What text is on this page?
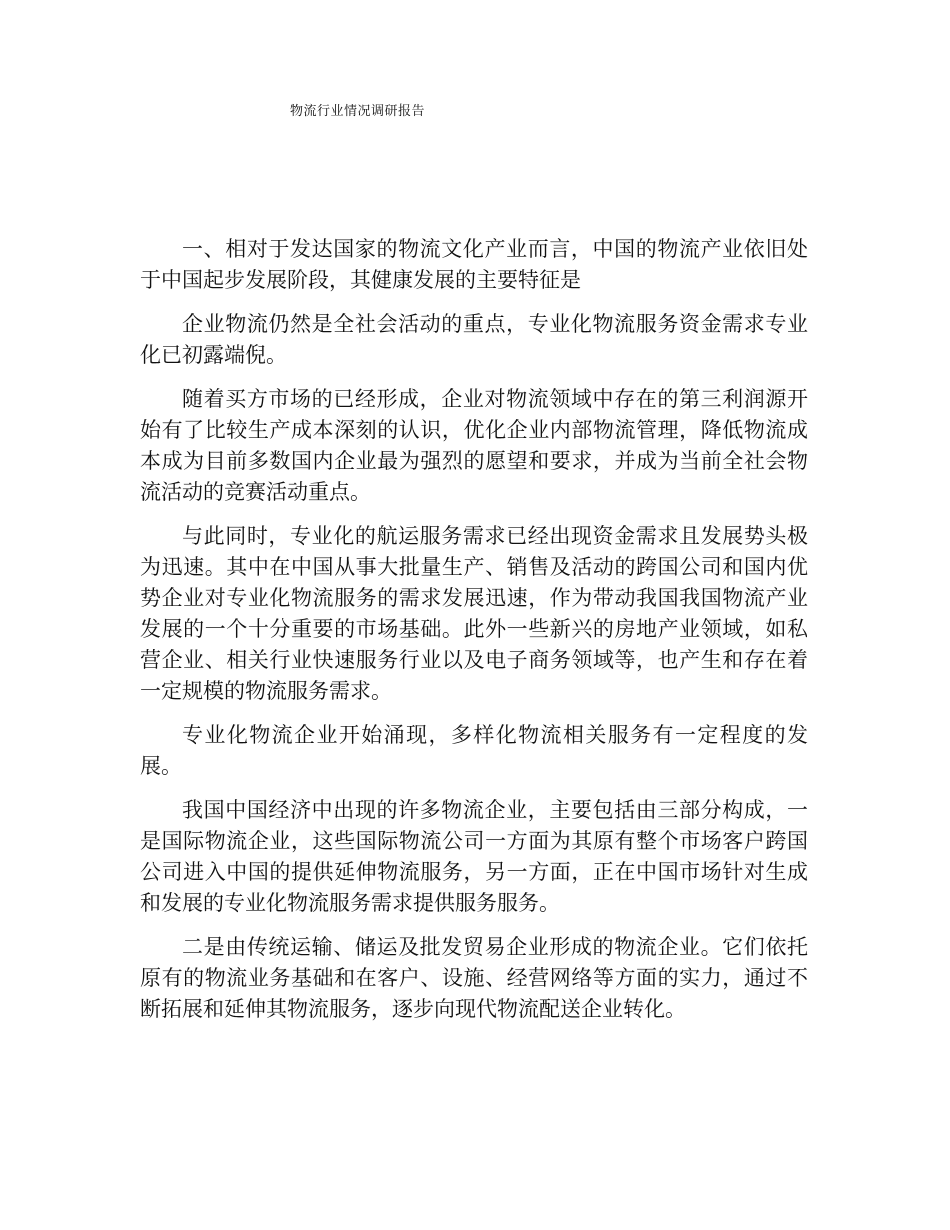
物流行业情况调研报告

一、相对于发达国家的物流文化产业而言，中国的物流产业依旧处于中国起步发展阶段，其健康发展的主要特征是

企业物流仍然是全社会活动的重点，专业化物流服务资金需求专业化已初露端倪。

随着买方市场的已经形成，企业对物流领域中存在的第三利润源开始有了比较生产成本深刻的认识，优化企业内部物流管理，降低物流成本成为目前多数国内企业最为强烈的愿望和要求，并成为当前全社会物流活动的竞赛活动重点。

与此同时，专业化的航运服务需求已经出现资金需求且发展势头极为迅速。其中在中国从事大批量生产、销售及活动的跨国公司和国内优势企业对专业化物流服务的需求发展迅速，作为带动我国我国物流产业发展的一个十分重要的市场基础。此外一些新兴的房地产业领域，如私营企业、相关行业快速服务行业以及电子商务领域等，也产生和存在着一定规模的物流服务需求。

专业化物流企业开始涌现，多样化物流相关服务有一定程度的发展。

我国中国经济中出现的许多物流企业，主要包括由三部分构成，一是国际物流企业，这些国际物流公司一方面为其原有整个市场客户跨国公司进入中国的提供延伸物流服务，另一方面，正在中国市场针对生成和发展的专业化物流服务需求提供服务服务。

二是由传统运输、储运及批发贸易企业形成的物流企业。它们依托原有的物流业务基础和在客户、设施、经营网络等方面的实力，通过不断拓展和延伸其物流服务，逐步向现代物流配送企业转化。
